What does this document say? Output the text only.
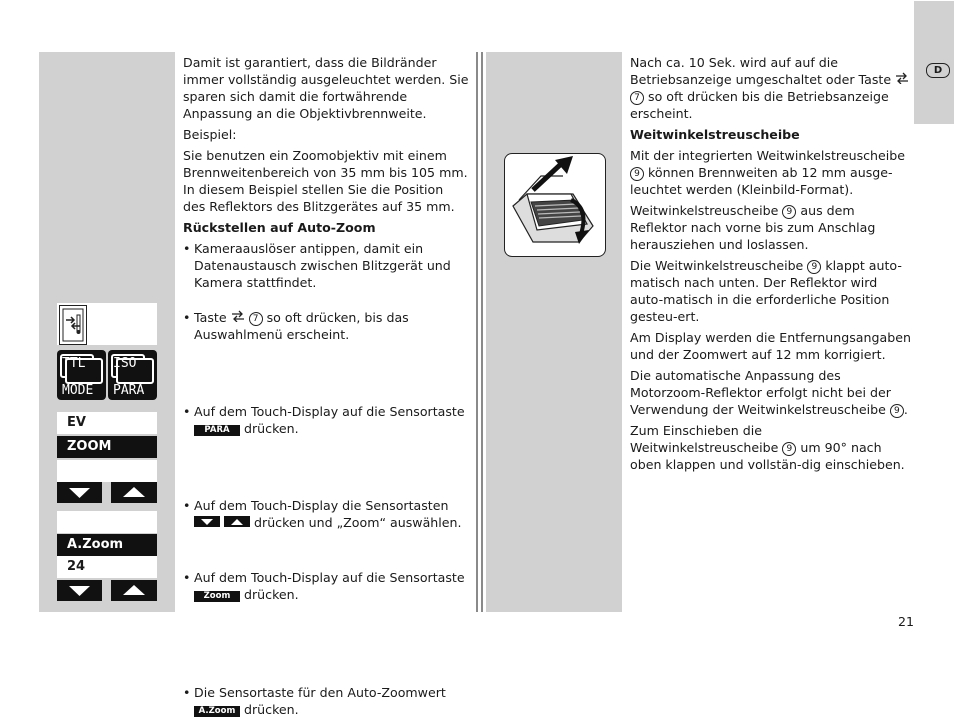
D
TTL
MODE
ISO
PARA
EV
ZOOM
A.Zoom
24

Damit ist garantiert, dass die Bildränder immer vollständig ausgeleuchtet werden. Sie sparen sich damit die fortwährende Anpassung an die Objektivbrennweite.

Beispiel:

Sie benutzen ein Zoomobjektiv mit einem Brennweitenbereich von 35 mm bis 105 mm. In diesem Beispiel stellen Sie die Position des Reflektors des Blitzgerätes auf 35 mm.

Rückstellen auf Auto-Zoom

• Kameraauslöser antippen, damit ein Datenaustausch zwischen Blitzgerät und Kamera stattfindet.
• Taste	7 so oft drücken, bis das Auswahlmenü erscheint.
• Auf dem Touch-Display auf die Sensortaste
PARA drücken.
• Auf dem Touch-Display die Sensortasten

drücken und „Zoom“ auswählen.
• Auf dem Touch-Display auf die Sensortaste
Zoom drücken.
• Die Sensortaste für den Auto-Zoomwert
A.Zoom drücken.

Nach ca. 10 Sek. wird auf auf die Betriebsanzeige umgeschaltet oder Taste  7 so oft drücken bis die Betriebsanzeige erscheint.

Weitwinkelstreuscheibe

Mit der integrierten Weitwinkelstreuscheibe 9 können Brennweiten ab 12 mm ausge-leuchtet werden (Kleinbild-Format).

Weitwinkelstreuscheibe 9 aus dem Reflektor nach vorne bis zum Anschlag herausziehen und loslassen.

Die Weitwinkelstreuscheibe 9 klappt auto-matisch nach unten. Der Reflektor wird auto-matisch in die erforderliche Position gesteu-ert.

Am Display werden die Entfernungsangaben und der Zoomwert auf 12 mm korrigiert.

Die automatische Anpassung des Motorzoom-Reflektor erfolgt nicht bei der Verwendung der Weitwinkelstreuscheibe 9 .

Zum Einschieben die Weitwinkelstreuscheibe 9 um 90° nach oben klappen und vollstän-dig einschieben.

21
